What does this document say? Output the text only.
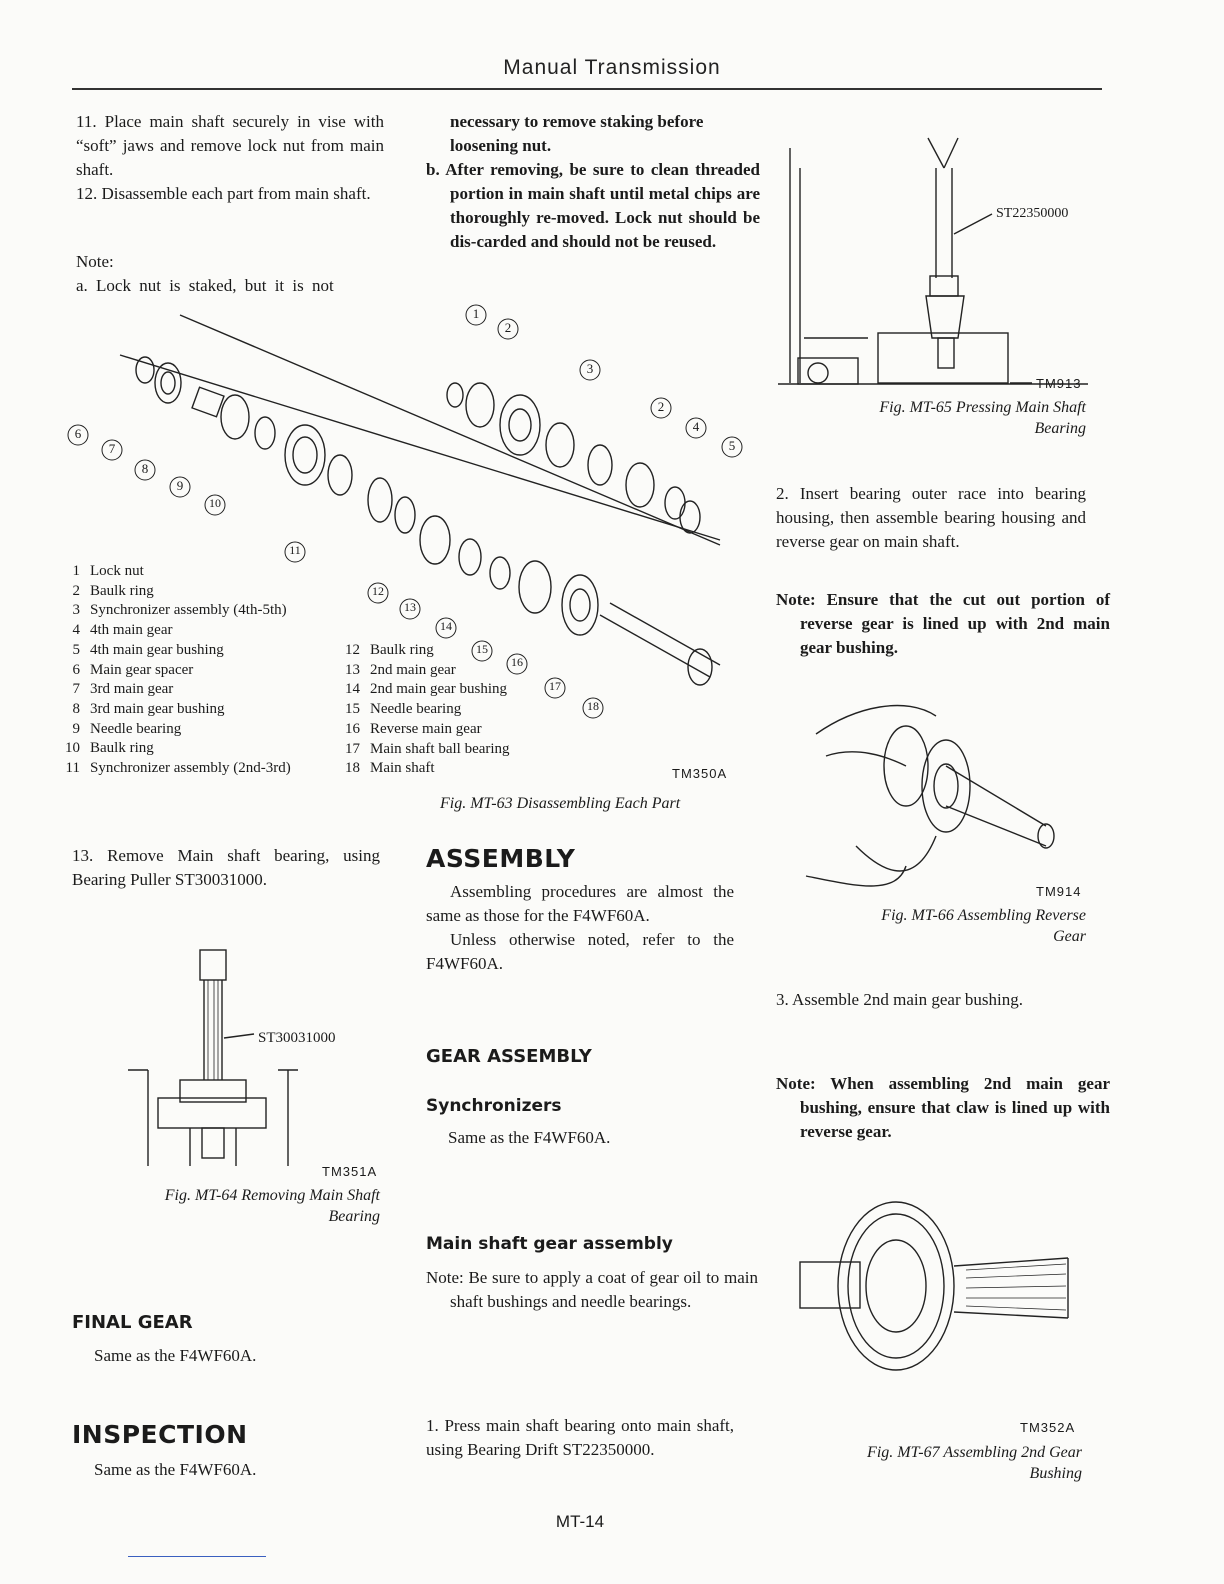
Manual Transmission
11. Place main shaft securely in vise with “soft” jaws and remove lock nut from main shaft.
12. Disassemble each part from main shaft.
Note:
a. Lock nut is staked, but it is not
necessary to remove staking before loosening nut.
b. After removing, be sure to clean threaded portion in main shaft until metal chips are thoroughly re-moved. Lock nut should be dis-carded and should not be reused.
6
7
8
9
10
11
12
13
14
15
16
17
18
1
2
3
2
4
5
1 Lock nut
2 Baulk ring
3 Synchronizer assembly (4th-5th)
4 4th main gear
5 4th main gear bushing
6 Main gear spacer
7 3rd main gear
8 3rd main gear bushing
9 Needle bearing
10 Baulk ring
11 Synchronizer assembly (2nd-3rd)
12 Baulk ring
13 2nd main gear
14 2nd main gear bushing
15 Needle bearing
16 Reverse main gear
17 Main shaft ball bearing
18 Main shaft	TM350A
Fig. MT-63 Disassembling Each Part
13. Remove Main shaft bearing, using Bearing Puller ST30031000.
ST30031000
TM351A
Fig. MT-64 Removing Main Shaft
Bearing
FINAL GEAR
Same as the F4WF60A.
INSPECTION
Same as the F4WF60A.
ASSEMBLY
Assembling procedures are almost the same as those for the F4WF60A.
Unless otherwise noted, refer to the F4WF60A.
GEAR ASSEMBLY
Synchronizers
Same as the F4WF60A.
Main shaft gear assembly
Note: Be sure to apply a coat of gear oil to main shaft bushings and needle bearings.
1. Press main shaft bearing onto main shaft, using Bearing Drift ST22350000.
ST22350000
TM913
Fig. MT-65 Pressing Main Shaft
Bearing
2. Insert bearing outer race into bearing housing, then assemble bearing housing and reverse gear on main shaft.
Note: Ensure that the cut out portion of reverse gear is lined up with 2nd main gear bushing.
TM914
Fig. MT-66 Assembling Reverse
Gear
3. Assemble 2nd main gear bushing.
Note: When assembling 2nd main gear bushing, ensure that claw is lined up with reverse gear.
TM352A
Fig. MT-67 Assembling 2nd Gear
Bushing
MT-14
